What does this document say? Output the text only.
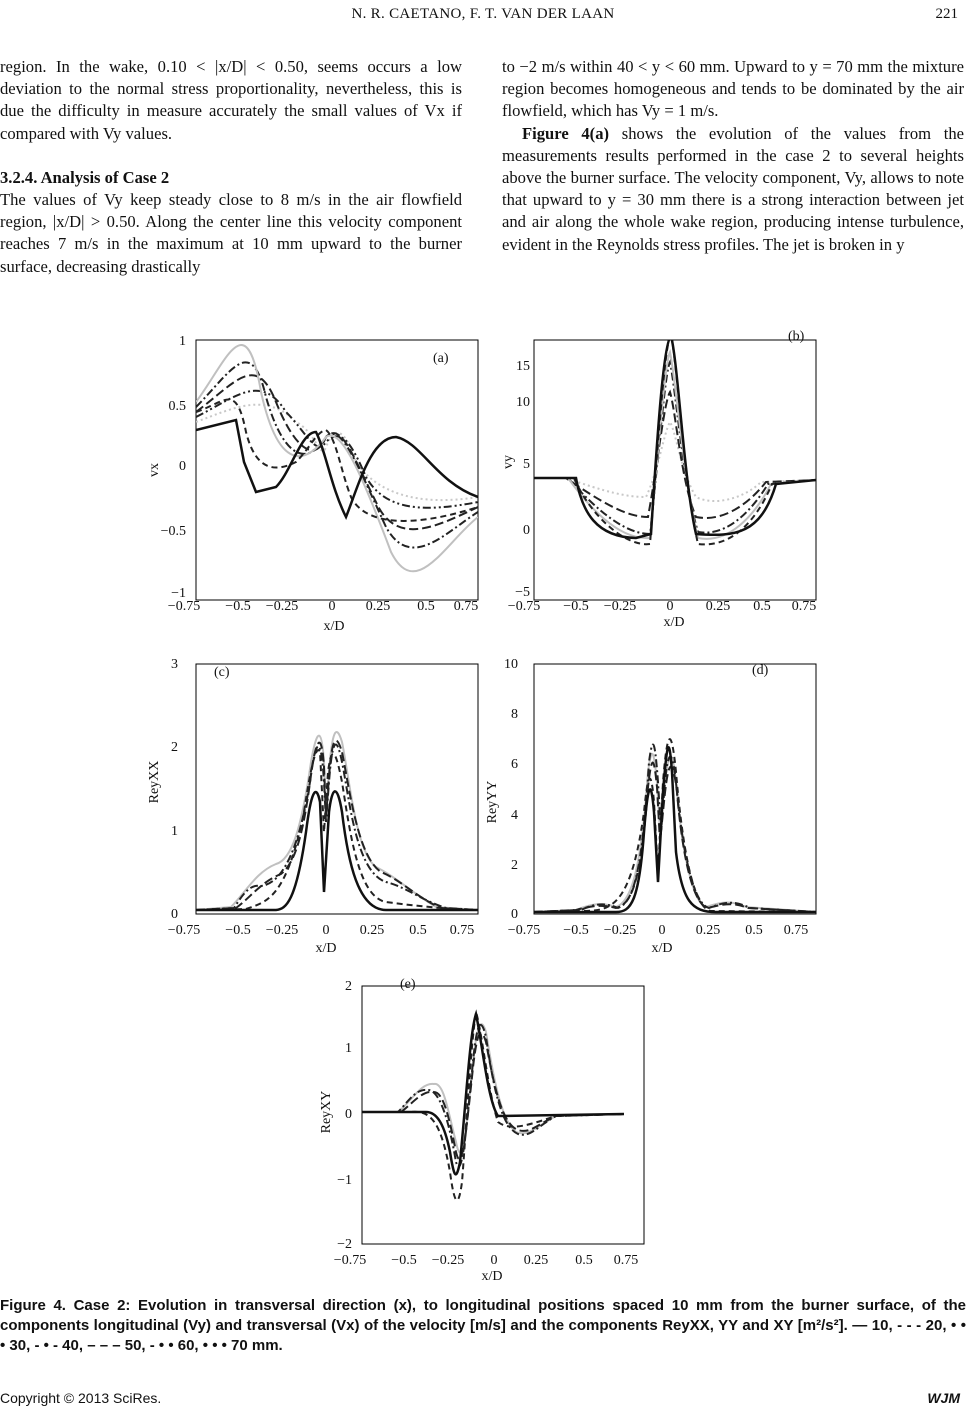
N. R. CAETANO, F. T. VAN DER LAAN	221

region. In the wake, 0.10 < |x/D| < 0.50, seems occurs a low deviation to the normal stress proportionality, nevertheless, this is due the difficulty in measure accurately the small values of Vx if compared with Vy values.

3.2.4. Analysis of Case 2

The values of Vy keep steady close to 8 m/s in the air flowfield region, |x/D| > 0.50. Along the center line this velocity component reaches 7 m/s in the maximum at 10 mm upward to the burner surface, decreasing drastically

to −2 m/s within 40 < y < 60 mm. Upward to y = 70 mm the mixture region becomes homogeneous and tends to be dominated by the air flowfield, which has Vy = 1 m/s.

Figure 4(a) shows the evolution of the values from the measurements results performed in the case 2 to several heights above the burner surface. The velocity component, Vy, allows to note that upward to y = 30 mm there is a strong interaction between jet and air along the whole wake region, producing intense turbulence, evident in the Reynolds stress profiles. The jet is broken in y

(a)
vx
1
0.5
0
−0.5
−1
−0.75 −0.5 −0.25 0 0.25 0.5 0.75
x/D
(b)
vy
15
10
5
0
−5
−0.75 −0.5 −0.25 0 0.25 0.5 0.75
x/D
(c)
ReyXX
3
2
1
0
−0.75 −0.5 −0.25 0 0.25 0.5 0.75
x/D
(d)
ReyYY
10
8
6
4
2
0
−0.75 −0.5 −0.25 0 0.25 0.5 0.75
x/D
(e)
ReyXY
2
1
0
−1
−2
−0.75 −0.5 −0.25 0 0.25 0.5 0.75
x/D
Figure 4. Case 2: Evolution in transversal direction (x), to longitudinal positions spaced 10 mm from the burner surface, of the components longitudinal (Vy) and transversal (Vx) of the velocity [m/s] and the components ReyXX, YY and XY [m²/s²]. — 10, - - - 20, • • • 30, - • - 40, – – – 50, - • • 60, • • • 70 mm.
Copyright © 2013 SciRes.	WJM
